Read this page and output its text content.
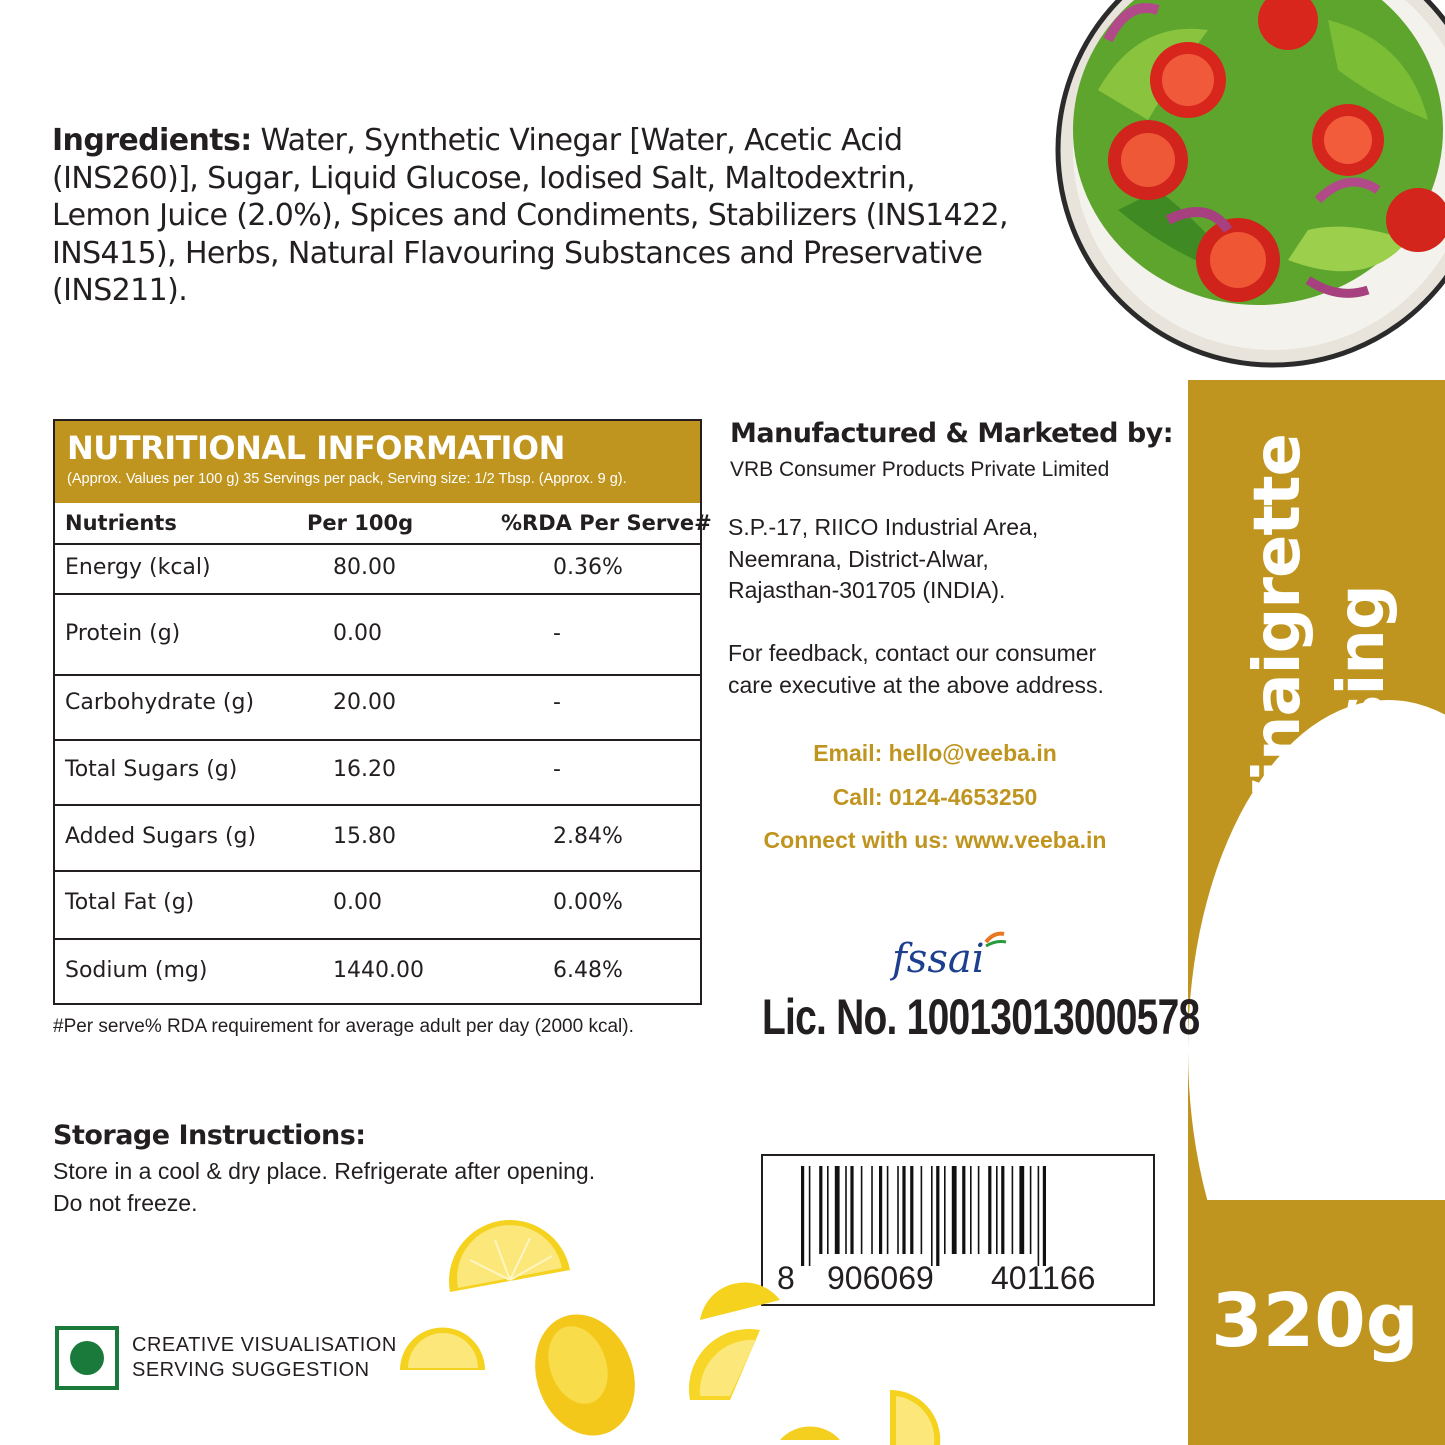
Zesty Vinaigrette Dressing
320g
Ingredients: Water, Synthetic Vinegar [Water, Acetic Acid (INS260)], Sugar, Liquid Glucose, Iodised Salt, Maltodextrin, Lemon Juice (2.0%), Spices and Condiments, Stabilizers (INS1422, INS415), Herbs, Natural Flavouring Substances and Preservative (INS211).
NUTRITIONAL INFORMATION
(Approx. Values per 100 g) 35 Servings per pack, Serving size: 1/2 Tbsp. (Approx. 9 g).
Nutrients	Per 100g	%RDA Per Serve#
Energy (kcal)	80.00	0.36%
Protein (g)	0.00	-
Carbohydrate (g)	20.00	-
Total Sugars (g)	16.20	-
Added Sugars (g)	15.80	2.84%
Total Fat (g)	0.00	0.00%
Sodium (mg)	1440.00	6.48%
#Per serve% RDA requirement for average adult per day (2000 kcal).
Manufactured & Marketed by:
VRB Consumer Products Private Limited
S.P.-17, RIICO Industrial Area,
Neemrana, District-Alwar,
Rajasthan-301705 (INDIA).
For feedback, contact our consumer
care executive at the above address.
Email: hello@veeba.in
Call: 0124-4653250
Connect with us: www.veeba.in
fssai
Lic. No. 10013013000578
Storage Instructions:
Store in a cool & dry place. Refrigerate after opening.
Do not freeze.
8 906069 401166
CREATIVE VISUALISATION
SERVING SUGGESTION
